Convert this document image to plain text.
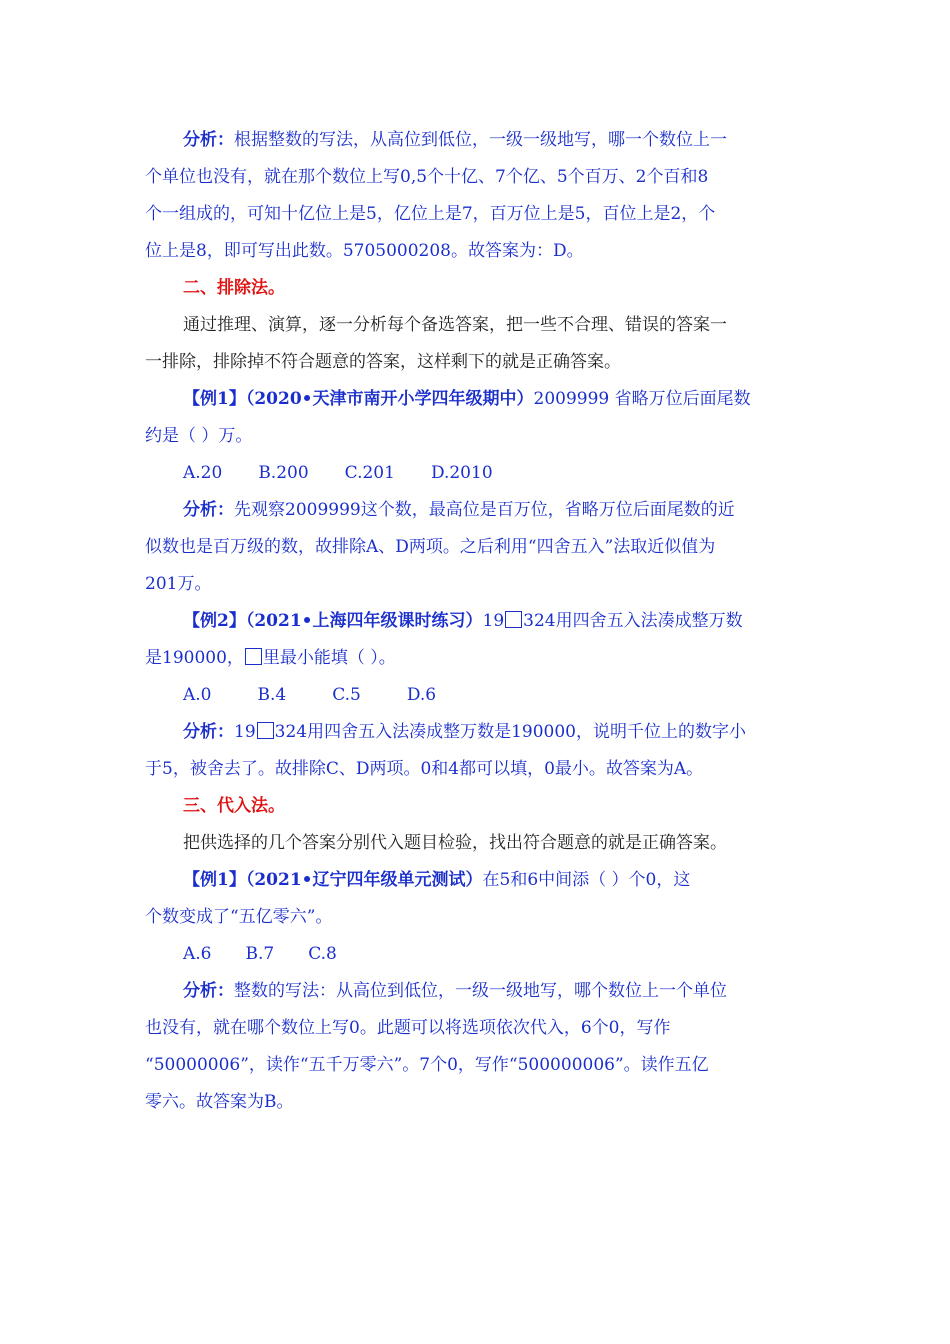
分析：根据整数的写法，从高位到低位，一级一级地写，哪一个数位上一
个单位也没有，就在那个数位上写0,5个十亿、7个亿、5个百万、2个百和8
个一组成的，可知十亿位上是5，亿位上是7，百万位上是5，百位上是2，个
位上是8，即可写出此数。5705000208。故答案为：D。
二、排除法。
通过推理、演算，逐一分析每个备选答案，把一些不合理、错误的答案一
一排除，排除掉不符合题意的答案，这样剩下的就是正确答案。
【例1】（2020•天津市南开小学四年级期中）2009999 省略万位后面尾数
约是（ ）万。
A.20 B.200 C.201 D.2010
分析：先观察2009999这个数，最高位是百万位，省略万位后面尾数的近
似数也是百万级的数，故排除A、D两项。之后利用“四舍五入”法取近似值为
201万。
【例2】（2021•上海四年级课时练习）19 324用四舍五入法凑成整万数
是190000， 里最小能填（ ）。
A.0	B.4	C.5	D.6
分析：19 324用四舍五入法凑成整万数是190000，说明千位上的数字小
于5，被舍去了。故排除C、D两项。0和4都可以填，0最小。故答案为A。
三、代入法。
把供选择的几个答案分别代入题目检验，找出符合题意的就是正确答案。
【例1】（2021•辽宁四年级单元测试）在5和6中间添（ ）个0，这
个数变成了“五亿零六”。
A.6 B.7 C.8
分析：整数的写法：从高位到低位，一级一级地写，哪个数位上一个单位
也没有，就在哪个数位上写0。此题可以将选项依次代入，6个0，写作
“50000006”，读作“五千万零六”。7个0，写作“500000006”。读作五亿
零六。故答案为B。
